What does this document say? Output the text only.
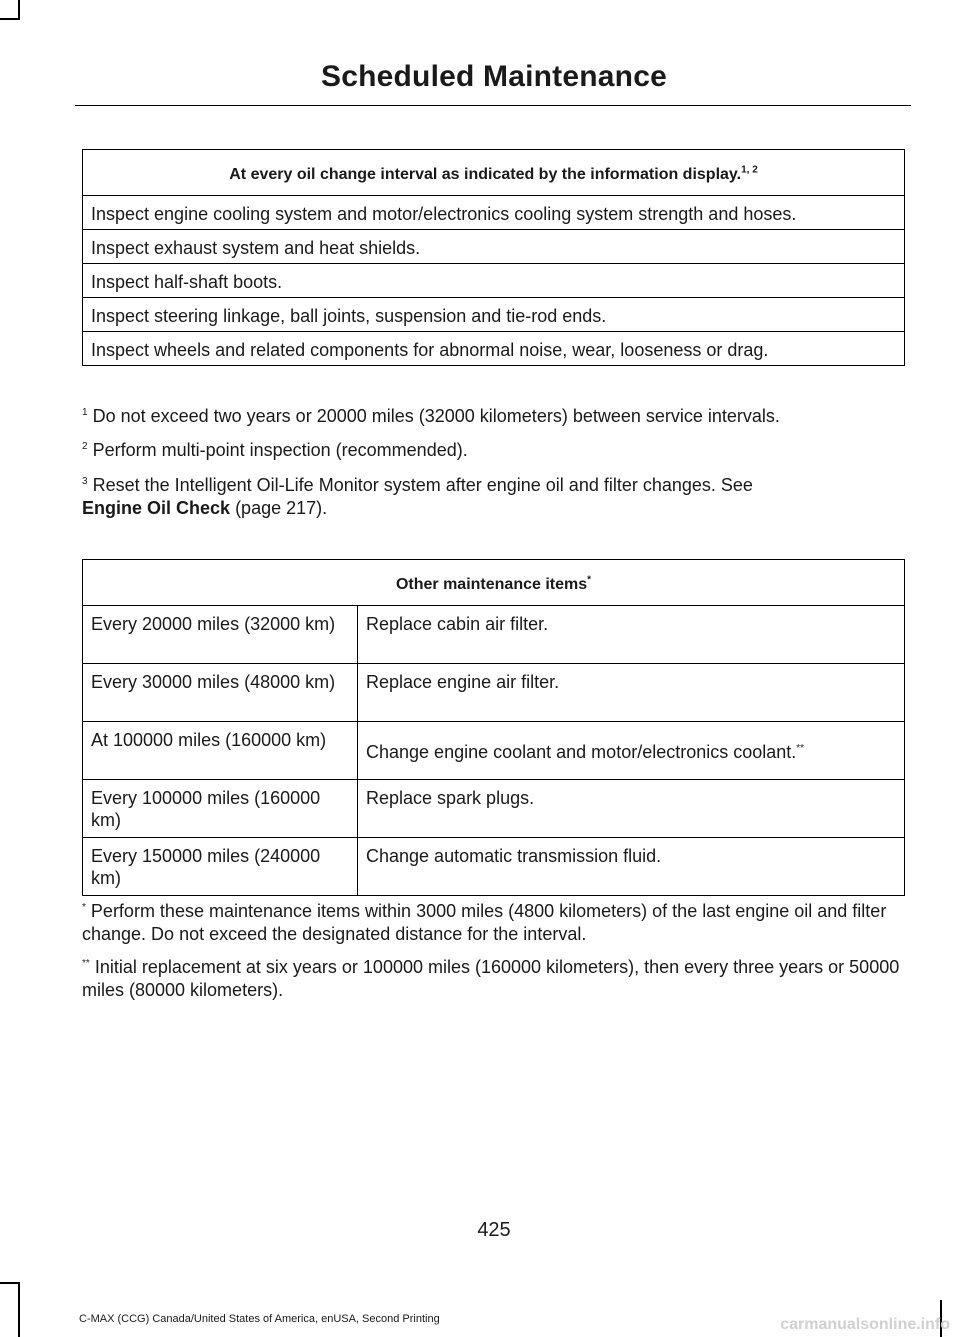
Scheduled Maintenance
At every oil change interval as indicated by the information display.$^{1, 2}$
Inspect engine cooling system and motor/electronics cooling system strength and hoses.
Inspect exhaust system and heat shields.
Inspect half-shaft boots.
Inspect steering linkage, ball joints, suspension and tie-rod ends.
Inspect wheels and related components for abnormal noise, wear, looseness or drag.
$^1$ Do not exceed two years or 20000 miles (32000 kilometers) between service intervals.
$^2$ Perform multi-point inspection (recommended).
$^3$ Reset the Intelligent Oil-Life Monitor system after engine oil and filter changes. See
Engine Oil Check (page 217).
Other maintenance items*
Every 20000 miles (32000 km)	Replace cabin air filter.
Every 30000 miles (48000 km)	Replace engine air filter.
At 100000 miles (160000 km)	Change engine coolant and motor/electronics coolant.**
Every 100000 miles (160000 km)	Replace spark plugs.
Every 150000 miles (240000 km)	Change automatic transmission fluid.
* Perform these maintenance items within 3000 miles (4800 kilometers) of the last engine oil and filter change. Do not exceed the designated distance for the interval.
** Initial replacement at six years or 100000 miles (160000 kilometers), then every three years or 50000 miles (80000 kilometers).
425
C-MAX (CCG) Canada/United States of America, enUSA, Second Printing	carmanualsonline.info
